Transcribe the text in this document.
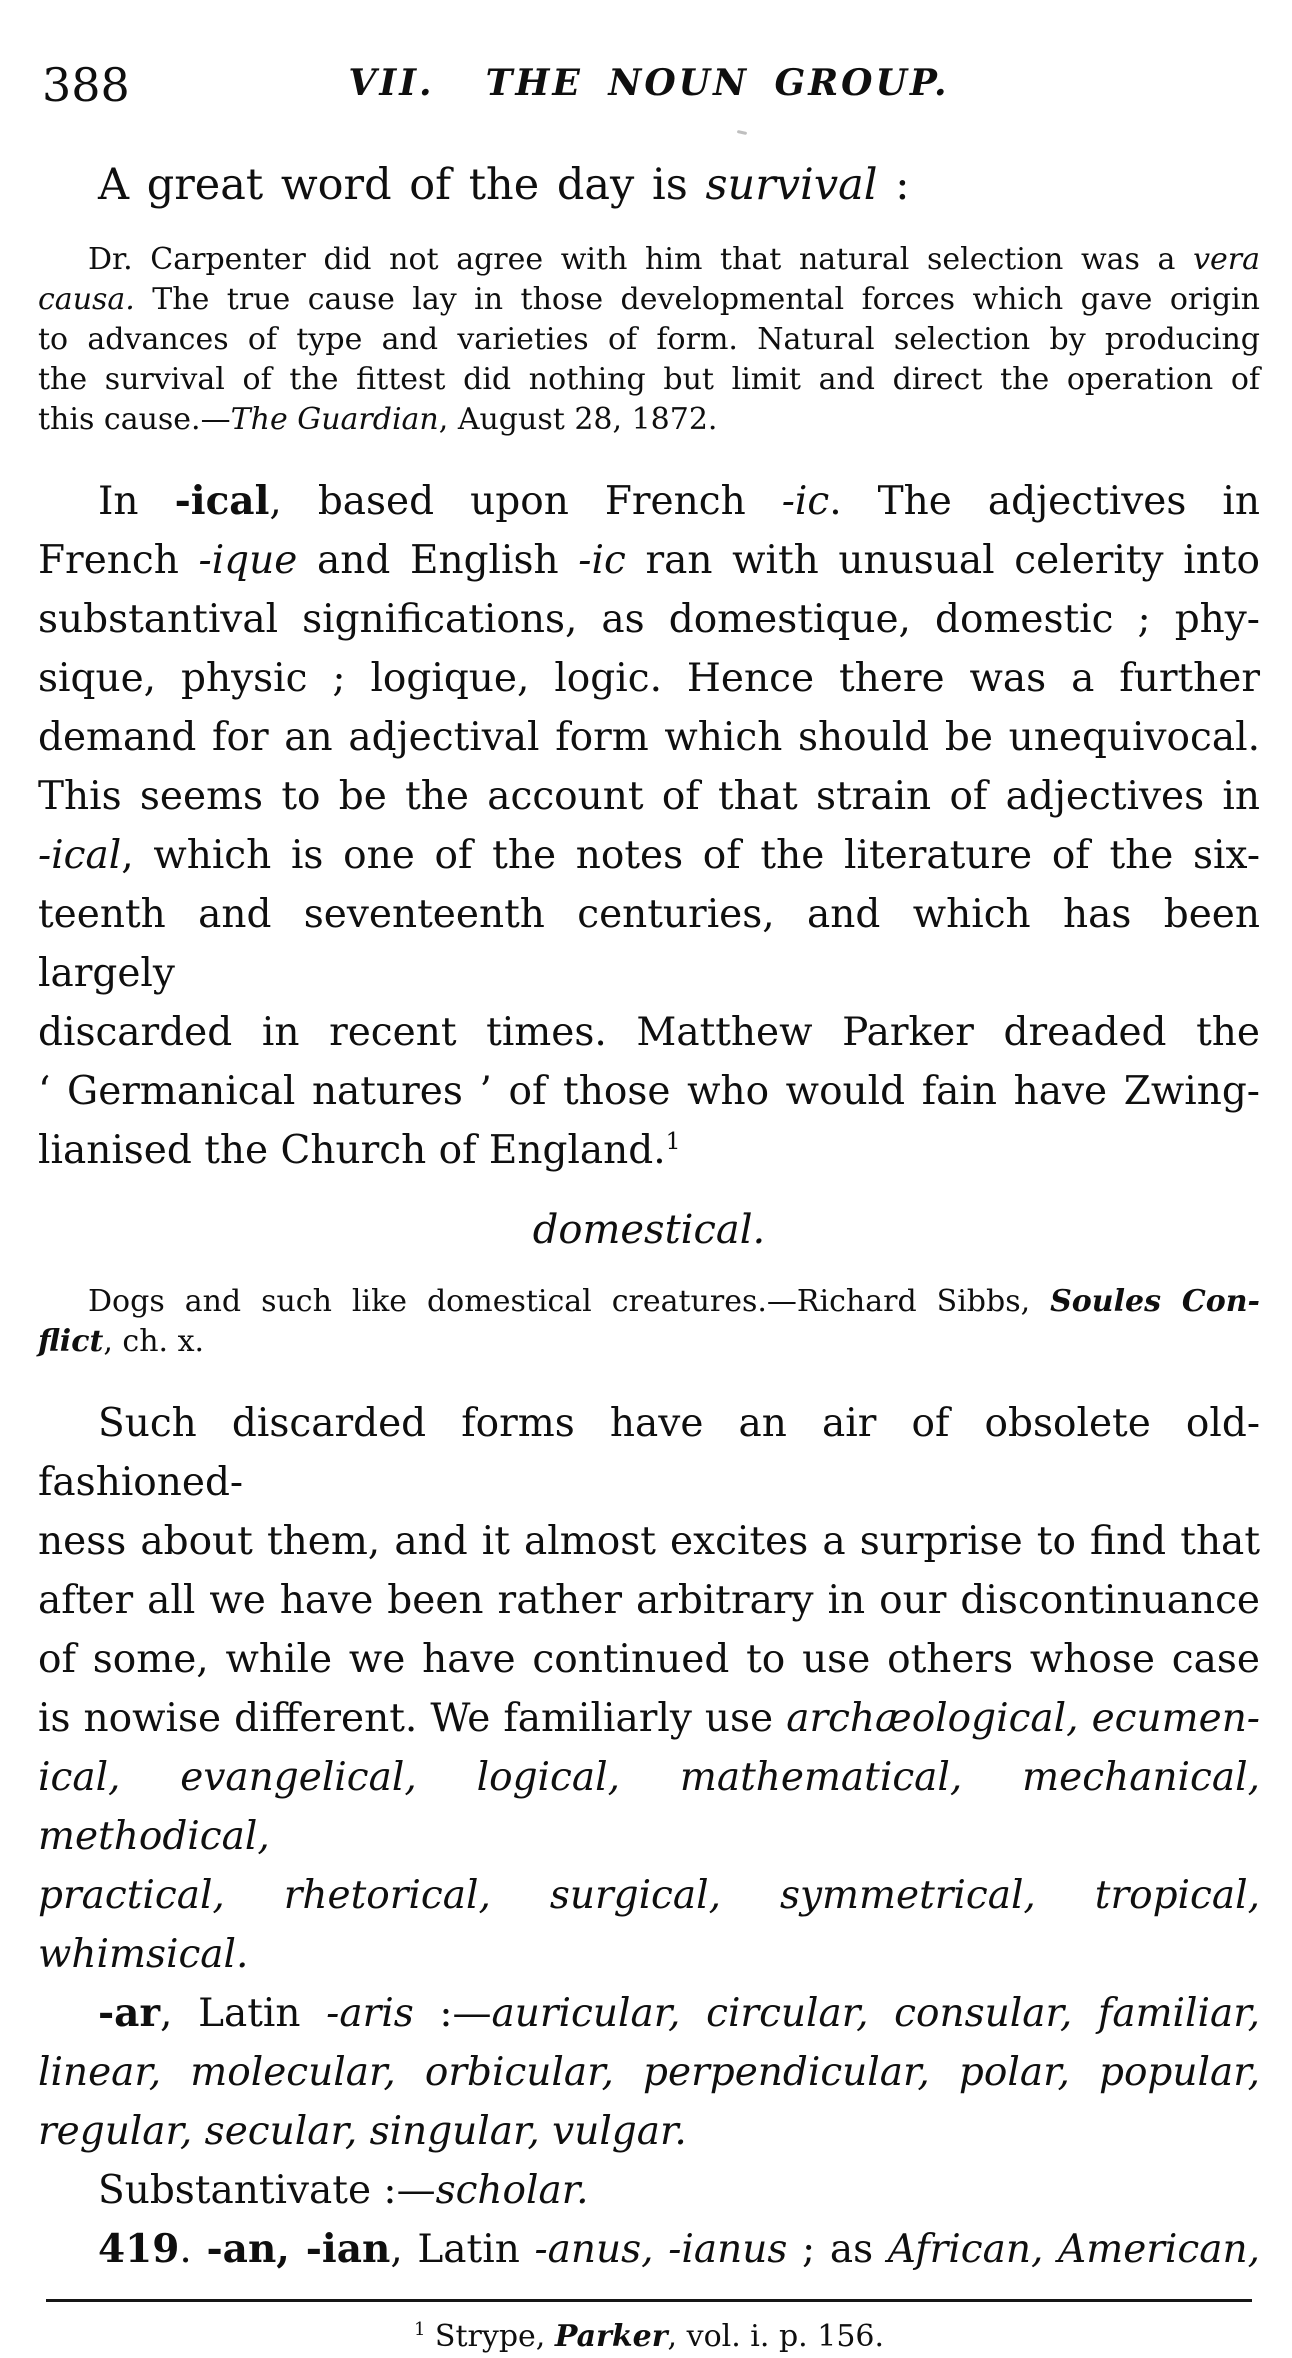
388	VII.  THE NOUN GROUP.
A great word of the day is survival :
Dr. Carpenter did not agree with him that natural selection was a vera
causa. The true cause lay in those developmental forces which gave origin
to advances of type and varieties of form. Natural selection by producing
the survival of the fittest did nothing but limit and direct the operation of
this cause.—The Guardian, August 28, 1872.
In -ical, based upon French -ic. The adjectives in
French -ique and English -ic ran with unusual celerity into
substantival significations, as domestique, domestic ; phy-
sique, physic ; logique, logic. Hence there was a further
demand for an adjectival form which should be unequivocal.
This seems to be the account of that strain of adjectives in
-ical, which is one of the notes of the literature of the six-
teenth and seventeenth centuries, and which has been largely
discarded in recent times. Matthew Parker dreaded the
‘ Germanical natures ’ of those who would fain have Zwing-
lianised the Church of England.$^1$
domestical.
Dogs and such like domestical creatures.—Richard Sibbs, Soules Con-
flict, ch. x.
Such discarded forms have an air of obsolete old-fashioned-
ness about them, and it almost excites a surprise to find that
after all we have been rather arbitrary in our discontinuance
of some, while we have continued to use others whose case
is nowise different. We familiarly use archæological, ecumen-
ical, evangelical, logical, mathematical, mechanical, methodical,
practical, rhetorical, surgical, symmetrical, tropical, whimsical.
-ar, Latin -aris :—auricular, circular, consular, familiar,
linear, molecular, orbicular, perpendicular, polar, popular,
regular, secular, singular, vulgar.
Substantivate :—scholar.
419. -an, -ian, Latin -anus, -ianus ; as African, American,
$^1$ Strype, Parker, vol. i. p. 156.
